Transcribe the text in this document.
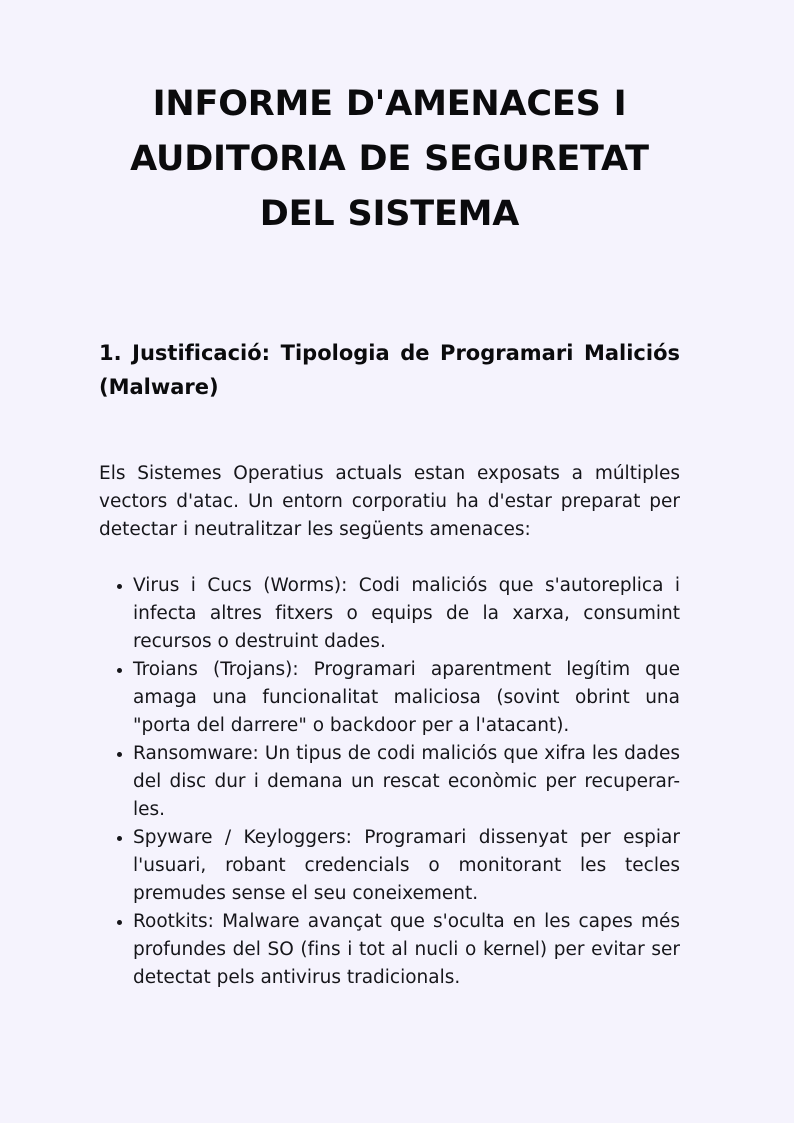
INFORME D'AMENACES I AUDITORIA DE SEGURETAT DEL SISTEMA
1. Justificació: Tipologia de Programari Maliciós (Malware)

Els Sistemes Operatius actuals estan exposats a múltiples vectors d'atac. Un entorn corporatiu ha d'estar preparat per detectar i neutralitzar les següents amenaces:

Virus i Cucs (Worms): Codi maliciós que s'autoreplica i infecta altres fitxers o equips de la xarxa, consumint recursos o destruint dades.
Troians (Trojans): Programari aparentment legítim que amaga una funcionalitat maliciosa (sovint obrint una "porta del darrere" o backdoor per a l'atacant).
Ransomware: Un tipus de codi maliciós que xifra les dades del disc dur i demana un rescat econòmic per recuperar-les.
Spyware / Keyloggers: Programari dissenyat per espiar l'usuari, robant credencials o monitorant les tecles premudes sense el seu coneixement.
Rootkits: Malware avançat que s'oculta en les capes més profundes del SO (fins i tot al nucli o kernel) per evitar ser detectat pels antivirus tradicionals.
